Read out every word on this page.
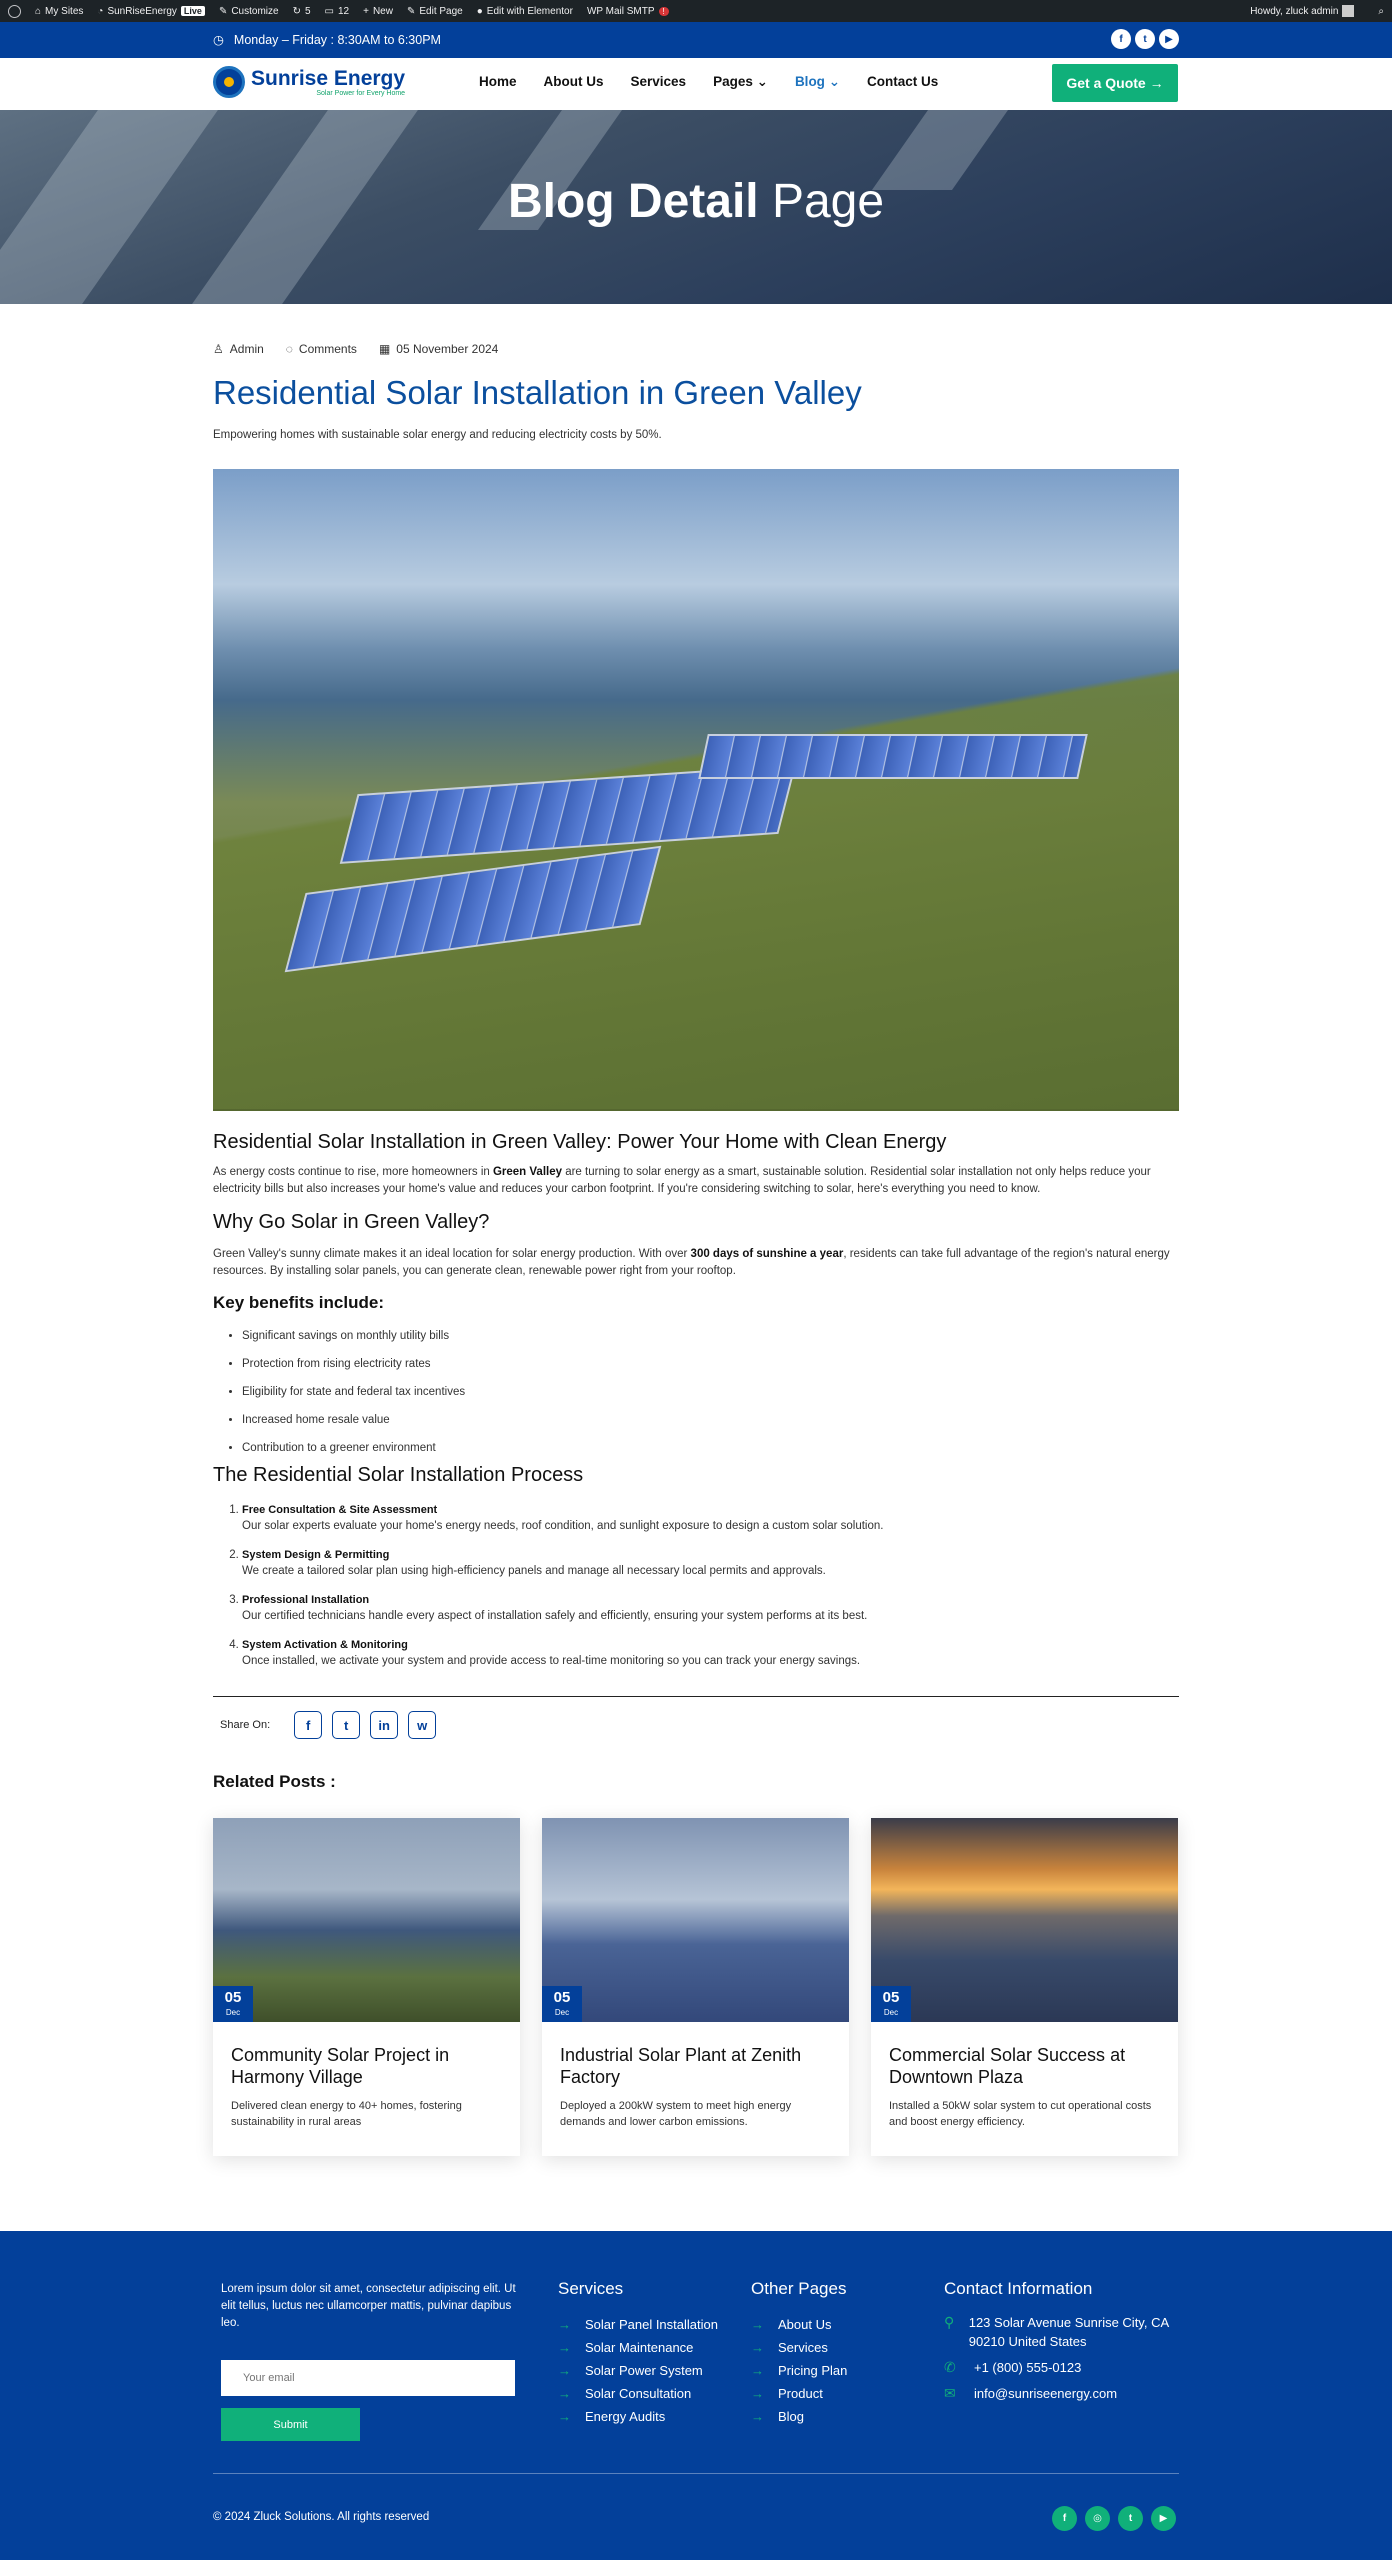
⌂ My Sites ◔ SunRiseEnergy Live	✎ Customize ↻ 5 ▭ 12 + New ✎ Edit Page ● Edit with Elementor WP Mail SMTP	!	Howdy, zluck admin	⌕
◷ Monday – Friday : 8:30AM to 6:30PM	f	t	▶
Sunrise Energy
Solar Power for Every Home
Home About Us Services Pages ⌄ Blog ⌄ Contact Us	Get a Quote →
Blog Detail Page
♙ Admin ◌ Comments ▦ 05 November 2024
Residential Solar Installation in Green Valley

Empowering homes with sustainable solar energy and reducing electricity costs by 50%.

Residential Solar Installation in Green Valley: Power Your Home with Clean Energy

As energy costs continue to rise, more homeowners in Green Valley are turning to solar energy as a smart, sustainable solution. Residential solar installation not only helps reduce your electricity bills but also increases your home's value and reduces your carbon footprint. If you're considering switching to solar, here's everything you need to know.

Why Go Solar in Green Valley?

Green Valley's sunny climate makes it an ideal location for solar energy production. With over 300 days of sunshine a year, residents can take full advantage of the region's natural energy resources. By installing solar panels, you can generate clean, renewable power right from your rooftop.

Key benefits include:
• Significant savings on monthly utility bills
• Protection from rising electricity rates
• Eligibility for state and federal tax incentives
• Increased home resale value
• Contribution to a greener environment
The Residential Solar Installation Process
1. Free Consultation & Site Assessment
Our solar experts evaluate your home's energy needs, roof condition, and sunlight exposure to design a custom solar solution.
2. System Design & Permitting
We create a tailored solar plan using high-efficiency panels and manage all necessary local permits and approvals.
3. Professional Installation
Our certified technicians handle every aspect of installation safely and efficiently, ensuring your system performs at its best.
4. System Activation & Monitoring
Once installed, we activate your system and provide access to real-time monitoring so you can track your energy savings.
Share On:	f	t	in	w
Related Posts :
05
Dec
Community Solar Project in Harmony Village
Delivered clean energy to 40+ homes, fostering sustainability in rural areas
05
Dec
Industrial Solar Plant at Zenith Factory
Deployed a 200kW system to meet high energy demands and lower carbon emissions.
05
Dec
Commercial Solar Success at Downtown Plaza
Installed a 50kW solar system to cut operational costs and boost energy efficiency.

Lorem ipsum dolor sit amet, consectetur adipiscing elit. Ut elit tellus, luctus nec ullamcorper mattis, pulvinar dapibus leo.

Your email
Submit
Services
→ Solar Panel Installation
→ Solar Maintenance
→ Solar Power System
→ Solar Consultation
→ Energy Audits
Other Pages
→ About Us
→ Services
→ Pricing Plan
→ Product
→ Blog
Contact Information
⚲ 123 Solar Avenue Sunrise City, CA 90210 United States
✆	+1 (800) 555-0123
✉	info@sunriseenergy.com
© 2024 Zluck Solutions. All rights reserved	f	◎	t	▶
